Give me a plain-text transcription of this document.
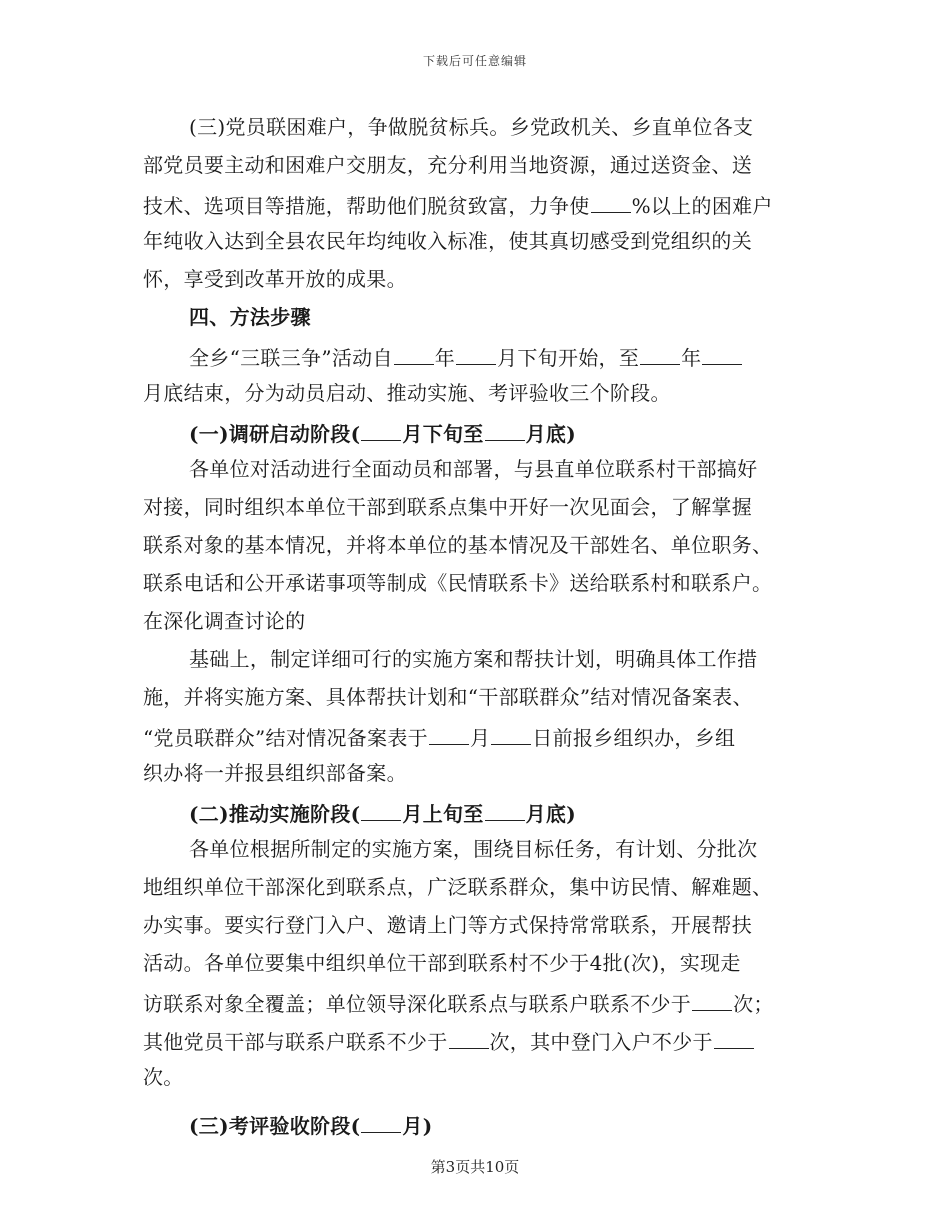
下载后可任意编辑
(三)党员联困难户，争做脱贫标兵。乡党政机关、乡直单位各支
部党员要主动和困难户交朋友，充分利用当地资源，通过送资金、送
技术、选项目等措施，帮助他们脱贫致富，力争使 %以上的困难户
年纯收入达到全县农民年均纯收入标准，使其真切感受到党组织的关
怀，享受到改革开放的成果。
四、方法步骤
全乡“三联三争”活动自 年 月下旬开始，至 年
月底结束，分为动员启动、推动实施、考评验收三个阶段。
(一)调研启动阶段( 月下旬至 月底)
各单位对活动进行全面动员和部署，与县直单位联系村干部搞好
对接，同时组织本单位干部到联系点集中开好一次见面会，了解掌握
联系对象的基本情况，并将本单位的基本情况及干部姓名、单位职务、
联系电话和公开承诺事项等制成《民情联系卡》送给联系村和联系户。
在深化调查讨论的
基础上，制定详细可行的实施方案和帮扶计划，明确具体工作措
施，并将实施方案、具体帮扶计划和“干部联群众”结对情况备案表、
“党员联群众”结对情况备案表于 月 日前报乡组织办，乡组
织办将一并报县组织部备案。
(二)推动实施阶段( 月上旬至 月底)
各单位根据所制定的实施方案，围绕目标任务，有计划、分批次
地组织单位干部深化到联系点，广泛联系群众，集中访民情、解难题、
办实事。要实行登门入户、邀请上门等方式保持常常联系，开展帮扶
活动。各单位要集中组织单位干部到联系村不少于4批(次)，实现走
访联系对象全覆盖；单位领导深化联系点与联系户联系不少于 次；
其他党员干部与联系户联系不少于 次，其中登门入户不少于
次。
(三)考评验收阶段( 月)
第3页共10页
